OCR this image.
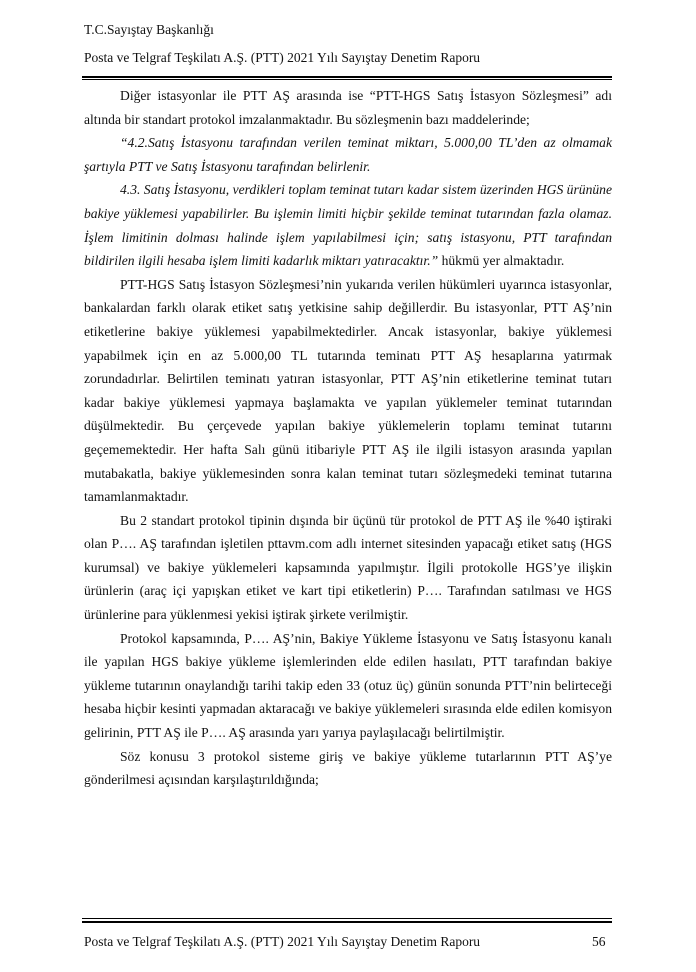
T.C.Sayıştay Başkanlığı
Posta ve Telgraf Teşkilatı A.Ş. (PTT) 2021 Yılı Sayıştay Denetim Raporu

Diğer istasyonlar ile PTT AŞ arasında ise “PTT-HGS Satış İstasyon Sözleşmesi” adı altında bir standart protokol imzalanmaktadır. Bu sözleşmenin bazı maddelerinde;

“4.2.Satış İstasyonu tarafından verilen teminat miktarı, 5.000,00 TL’den az olmamak şartıyla PTT ve Satış İstasyonu tarafından belirlenir.

4.3. Satış İstasyonu, verdikleri toplam teminat tutarı kadar sistem üzerinden HGS ürününe bakiye yüklemesi yapabilirler. Bu işlemin limiti hiçbir şekilde teminat tutarından fazla olamaz. İşlem limitinin dolması halinde işlem yapılabilmesi için; satış istasyonu, PTT tarafından bildirilen ilgili hesaba işlem limiti kadarlık miktarı yatıracaktır.” hükmü yer almaktadır.

PTT-HGS Satış İstasyon Sözleşmesi’nin yukarıda verilen hükümleri uyarınca istasyonlar, bankalardan farklı olarak etiket satış yetkisine sahip değillerdir. Bu istasyonlar, PTT AŞ’nin etiketlerine bakiye yüklemesi yapabilmektedirler. Ancak istasyonlar, bakiye yüklemesi yapabilmek için en az 5.000,00 TL tutarında teminatı PTT AŞ hesaplarına yatırmak zorundadırlar. Belirtilen teminatı yatıran istasyonlar, PTT AŞ’nin etiketlerine teminat tutarı kadar bakiye yüklemesi yapmaya başlamakta ve yapılan yüklemeler teminat tutarından düşülmektedir. Bu çerçevede yapılan bakiye yüklemelerin toplamı teminat tutarını geçememektedir. Her hafta Salı günü itibariyle PTT AŞ ile ilgili istasyon arasında yapılan mutabakatla, bakiye yüklemesinden sonra kalan teminat tutarı sözleşmedeki teminat tutarına tamamlanmaktadır.

Bu 2 standart protokol tipinin dışında bir üçünü tür protokol de PTT AŞ ile %40 iştiraki olan P…. AŞ tarafından işletilen pttavm.com adlı internet sitesinden yapacağı etiket satış (HGS kurumsal) ve bakiye yüklemeleri kapsamında yapılmıştır. İlgili protokolle HGS’ye ilişkin ürünlerin (araç içi yapışkan etiket ve kart tipi etiketlerin) P…. Tarafından satılması ve HGS ürünlerine para yüklenmesi yekisi iştirak şirkete verilmiştir.

Protokol kapsamında, P…. AŞ’nin, Bakiye Yükleme İstasyonu ve Satış İstasyonu kanalı ile yapılan HGS bakiye yükleme işlemlerinden elde edilen hasılatı, PTT tarafından bakiye yükleme tutarının onaylandığı tarihi takip eden 33 (otuz üç) günün sonunda PTT’nin belirteceği hesaba hiçbir kesinti yapmadan aktaracağı ve bakiye yüklemeleri sırasında elde edilen komisyon gelirinin, PTT AŞ ile P…. AŞ arasında yarı yarıya paylaşılacağı belirtilmiştir.

Söz konusu 3 protokol sisteme giriş ve bakiye yükleme tutarlarının PTT AŞ’ye gönderilmesi açısından karşılaştırıldığında;

Posta ve Telgraf Teşkilatı A.Ş. (PTT) 2021 Yılı Sayıştay Denetim Raporu	56
